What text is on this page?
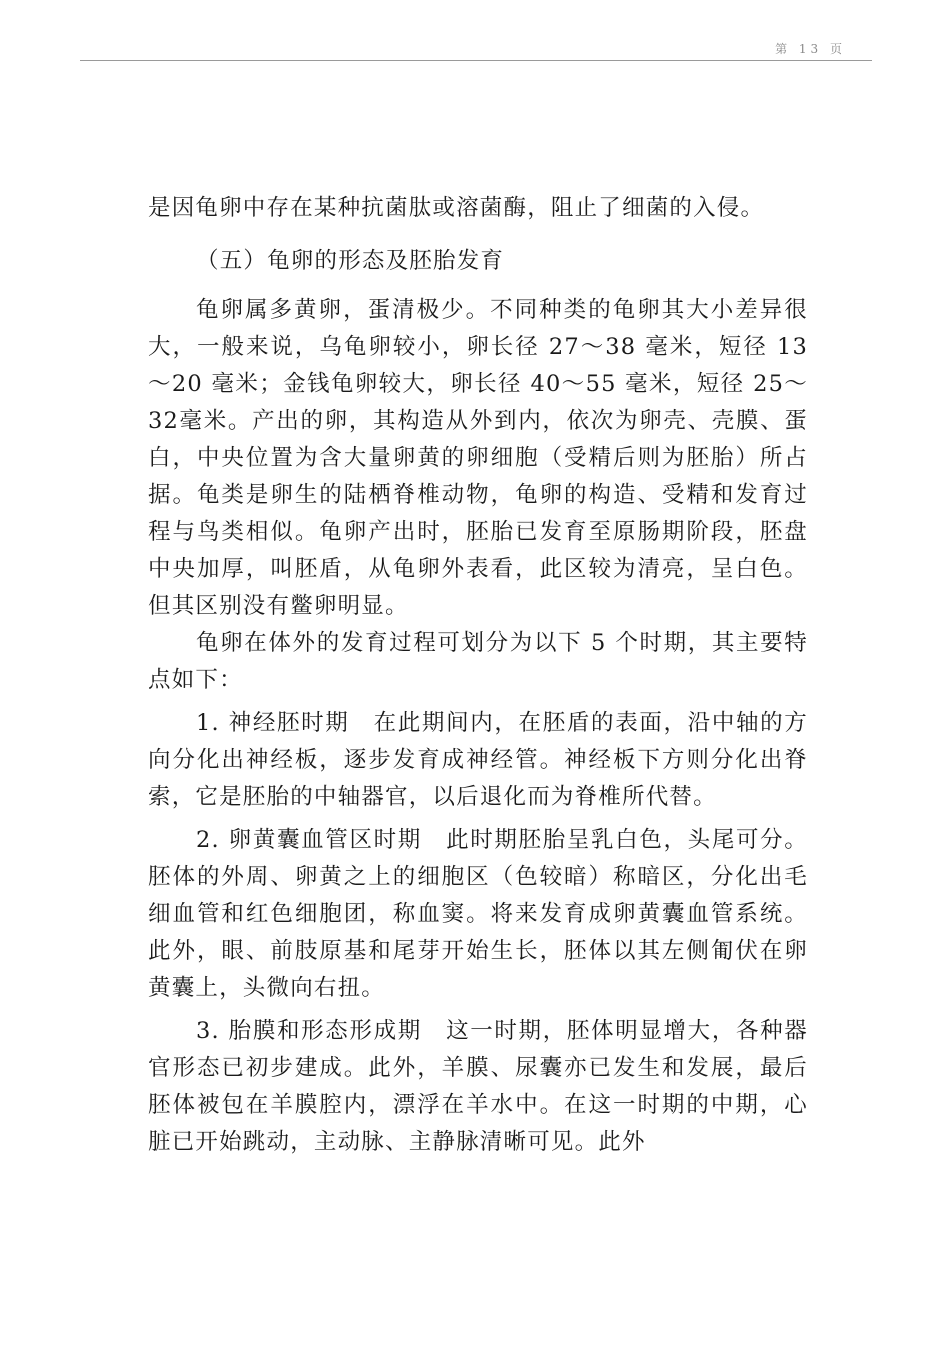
第 13 页

是因龟卵中存在某种抗菌肽或溶菌酶，阻止了细菌的入侵。

（五）龟卵的形态及胚胎发育

龟卵属多黄卵，蛋清极少。不同种类的龟卵其大小差异很大，一般来说，乌龟卵较小，卵长径 27～38 毫米，短径 13～20 毫米；金钱龟卵较大，卵长径 40～55 毫米，短径 25～32毫米。产出的卵，其构造从外到内，依次为卵壳、壳膜、蛋白，中央位置为含大量卵黄的卵细胞（受精后则为胚胎）所占据。龟类是卵生的陆栖脊椎动物，龟卵的构造、受精和发育过程与鸟类相似。龟卵产出时，胚胎已发育至原肠期阶段，胚盘中央加厚，叫胚盾，从龟卵外表看，此区较为清亮，呈白色。但其区别没有鳖卵明显。

龟卵在体外的发育过程可划分为以下 5 个时期，其主要特点如下：

1. 神经胚时期　在此期间内，在胚盾的表面，沿中轴的方向分化出神经板，逐步发育成神经管。神经板下方则分化出脊索，它是胚胎的中轴器官，以后退化而为脊椎所代替。

2. 卵黄囊血管区时期　此时期胚胎呈乳白色，头尾可分。胚体的外周、卵黄之上的细胞区（色较暗）称暗区，分化出毛细血管和红色细胞团，称血窦。将来发育成卵黄囊血管系统。此外，眼、前肢原基和尾芽开始生长，胚体以其左侧匍伏在卵黄囊上，头微向右扭。

3. 胎膜和形态形成期　这一时期，胚体明显增大，各种器官形态已初步建成。此外，羊膜、尿囊亦已发生和发展，最后胚体被包在羊膜腔内，漂浮在羊水中。在这一时期的中期，心脏已开始跳动，主动脉、主静脉清晰可见。此外
